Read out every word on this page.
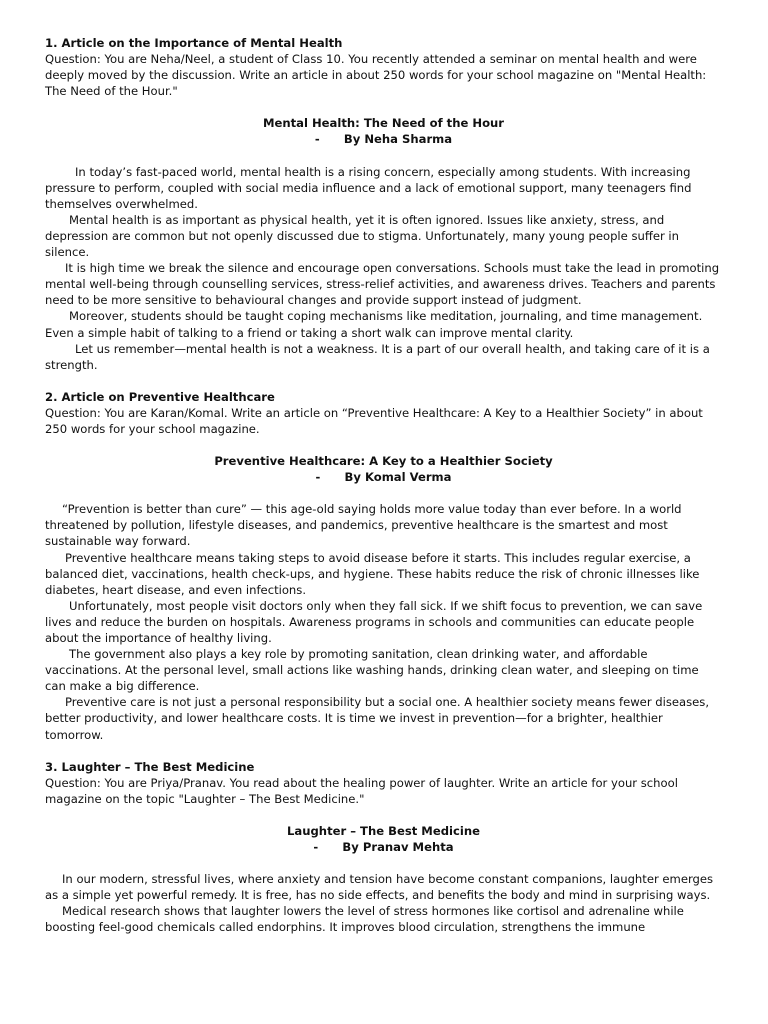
1. Article on the Importance of Mental Health
Question: You are Neha/Neel, a student of Class 10. You recently attended a seminar on mental health and were deeply moved by the discussion. Write an article in about 250 words for your school magazine on "Mental Health: The Need of the Hour."
Mental Health: The Need of the Hour
-      By Neha Sharma

In today’s fast-paced world, mental health is a rising concern, especially among students. With increasing pressure to perform, coupled with social media influence and a lack of emotional support, many teenagers find themselves overwhelmed.

Mental health is as important as physical health, yet it is often ignored. Issues like anxiety, stress, and depression are common but not openly discussed due to stigma. Unfortunately, many young people suffer in silence.

It is high time we break the silence and encourage open conversations. Schools must take the lead in promoting mental well-being through counselling services, stress-relief activities, and awareness drives. Teachers and parents need to be more sensitive to behavioural changes and provide support instead of judgment.

Moreover, students should be taught coping mechanisms like meditation, journaling, and time management. Even a simple habit of talking to a friend or taking a short walk can improve mental clarity.

Let us remember—mental health is not a weakness. It is a part of our overall health, and taking care of it is a strength.

2. Article on Preventive Healthcare
Question: You are Karan/Komal. Write an article on “Preventive Healthcare: A Key to a Healthier Society” in about 250 words for your school magazine.
Preventive Healthcare: A Key to a Healthier Society
-      By Komal Verma

“Prevention is better than cure” — this age-old saying holds more value today than ever before. In a world threatened by pollution, lifestyle diseases, and pandemics, preventive healthcare is the smartest and most sustainable way forward.

Preventive healthcare means taking steps to avoid disease before it starts. This includes regular exercise, a balanced diet, vaccinations, health check-ups, and hygiene. These habits reduce the risk of chronic illnesses like diabetes, heart disease, and even infections.

Unfortunately, most people visit doctors only when they fall sick. If we shift focus to prevention, we can save lives and reduce the burden on hospitals. Awareness programs in schools and communities can educate people about the importance of healthy living.

The government also plays a key role by promoting sanitation, clean drinking water, and affordable vaccinations. At the personal level, small actions like washing hands, drinking clean water, and sleeping on time can make a big difference.

Preventive care is not just a personal responsibility but a social one. A healthier society means fewer diseases, better productivity, and lower healthcare costs. It is time we invest in prevention—for a brighter, healthier tomorrow.

3. Laughter – The Best Medicine
Question: You are Priya/Pranav. You read about the healing power of laughter. Write an article for your school magazine on the topic "Laughter – The Best Medicine."
Laughter – The Best Medicine
-      By Pranav Mehta

In our modern, stressful lives, where anxiety and tension have become constant companions, laughter emerges as a simple yet powerful remedy. It is free, has no side effects, and benefits the body and mind in surprising ways.

Medical research shows that laughter lowers the level of stress hormones like cortisol and adrenaline while boosting feel-good chemicals called endorphins. It improves blood circulation, strengthens the immune
